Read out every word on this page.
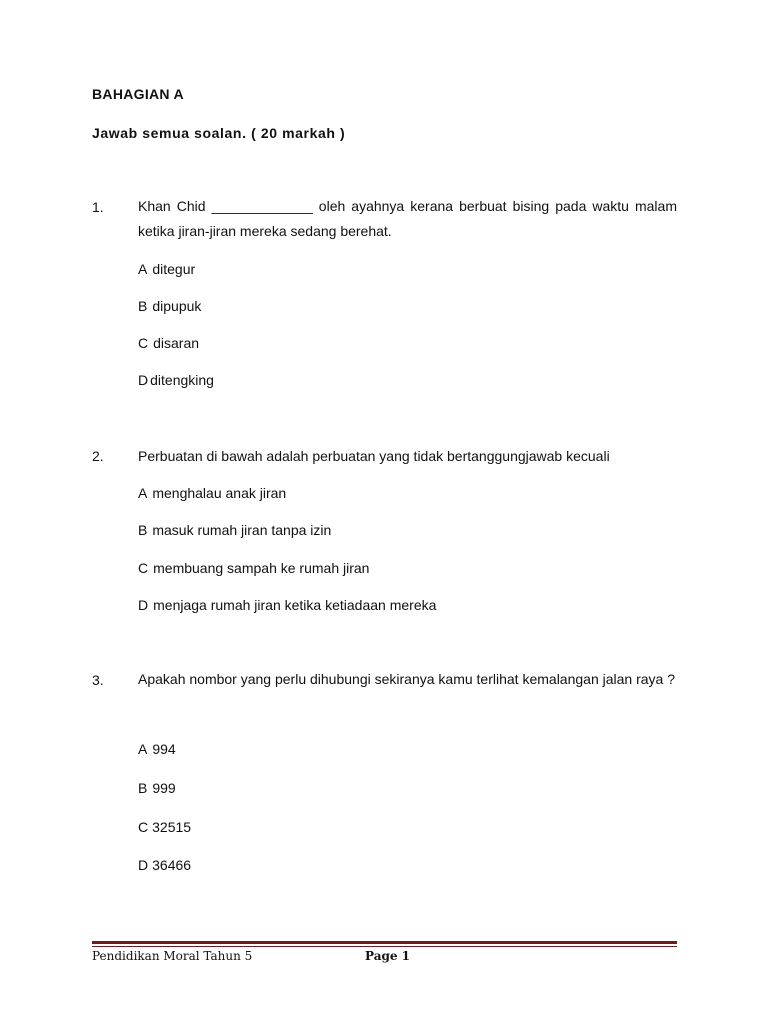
BAHAGIAN A
Jawab semua soalan. ( 20 markah )
1. Khan Chid _____________ oleh ayahnya kerana berbuat bising pada waktu malam ketika jiran-jiran mereka sedang berehat.
A ditegur
B dipupuk
C disaran
D ditengking
2. Perbuatan di bawah adalah perbuatan yang tidak bertanggungjawab kecuali
A menghalau anak jiran
B masuk rumah jiran tanpa izin
C membuang sampah ke rumah jiran
D menjaga rumah jiran ketika ketiadaan mereka
3. Apakah nombor yang perlu dihubungi sekiranya kamu terlihat kemalangan jalan raya ?
A 994
B 999
C 32515
D 36466
Pendidikan Moral Tahun 5	Page 1
